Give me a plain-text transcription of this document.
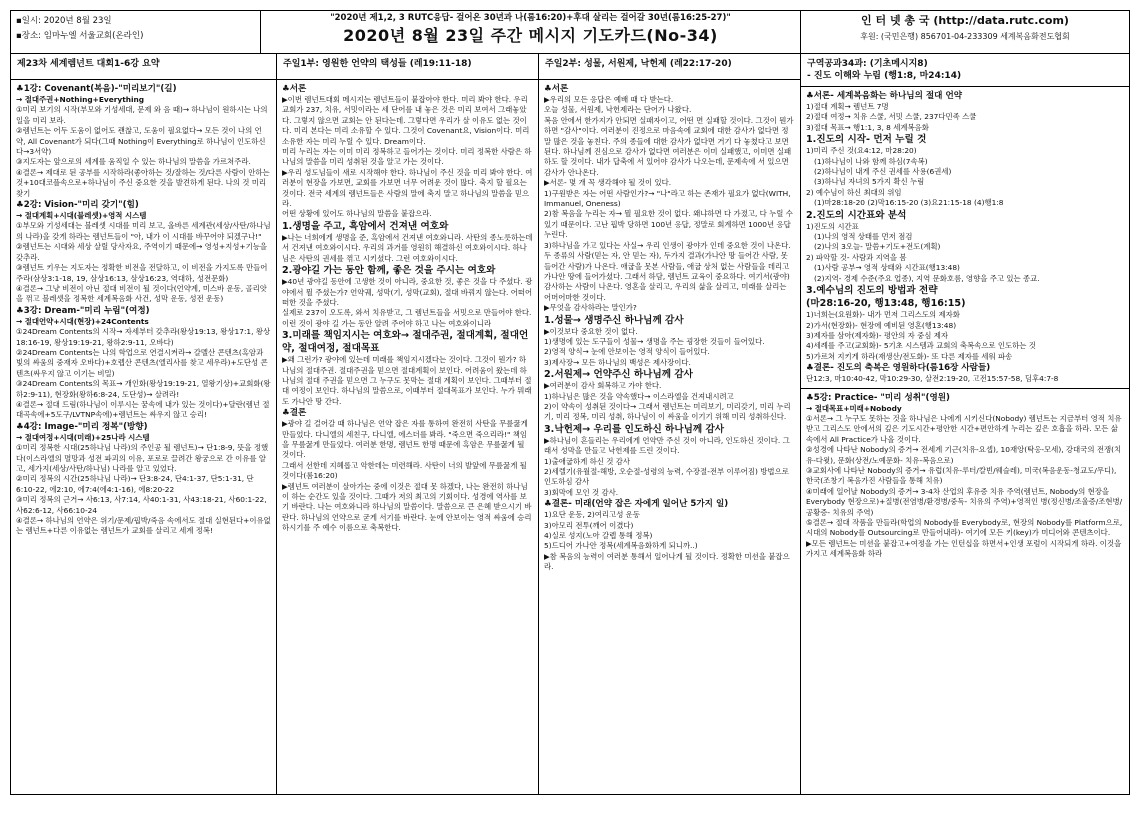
▪일시: 2020년 8월 23일
▪장소: 임마누엘 서울교회(온라인)
"2020년 제1,2, 3 RUTC응답- 걸어온 30년과 나(롬16:20)+후대 살리는 걸어갈 30년(롬16:25-27)"
2020년 8월 23일 주간 메시지 기도카드(No-34)
인 터 넷 총 국 (http://data.rutc.com)
후원: (국민은행) 856701-04-233309 세계복음화전도협회
제23차 세계렘넌트 대회1-6강 요약

♣1강: Covenant(복음)-"미리보기"(길)

→ 절대주권+Nothing+Everything

①미리 보기의 시작(부모와 기성세대, 문제 와 음 때)→ 하나님이 원하시는 나의 일을 미리 보라.

②렘넌트는 어두 도움이 없어도 괜찮고, 도움이 필요없다→ 모든 것이 나의 언약, All Covenant가 되다(그때 Nothing이 Everything로 하나님이 인도하신다→3서약)

③지도자는 앞으로의 세계를 움직일 수 있는 하나님의 말씀을 가르쳐주라.

④결론→ 제대로 된 공부를 시작하라(좋아하는 것/잘하는 것/다른 사람이 안하는 것+10대코플속으로+하나님이 주신 중요한 것을 발견하게 된다. 나의 것 미리 찾기

♣2강: Vision-"미리 갖기"(힘)

→ 절대계획+시대(블레셋)+영적 시스템

①부모와 기성세대는 블레셋 시대를 미리 보고, 올바른 세계관(세상/사탄/하나님의 나라)을 갖게 하라는 렘넌트들이 "아, 내가 이 시대를 바꾸어야 되겠구나!"

②렘넌트는 시대와 세상 살릴 당사자요, 주역이기 때문에→ 영성+지성+기능을 갖추라.

③렘넌트 키우는 지도자는 정확한 비전을 전달하고, 이 비전을 가지도록 만들어주라(삼상3:1-18, 19, 삼상16:13, 삼상16:23, 역대하, 성전문화)

④결론→ 그냥 비전이 아닌 절대 비전이 될 것이다(언약계, 미스바 운동, 골리앗을 꺾고 블레셋을 정복한 세계복음화 사건, 성막 운동, 성전 운동)

♣3강: Dream-"미리 누림"(여정)

→ 절대언약+시대(현장)+24Contents

①24Dream Contents의 시작→ 자세부터 갖추라(왕상19:13, 왕상17:1, 왕상18:16-19, 왕상19:19-21, 왕하2:9-11, 오바다)

②24Dream Contents는 나의 학업으로 연결시켜라→ 갈멜산 콘텐츠(흑암과 빛의 싸움의 중재자 오바다)+호렙산 콘텐츠(엘리사를 찾고 세우라)+도단성 콘텐츠(싸우지 않고 이기는 비밀)

③24Dream Contents의 목표→ 개인화(왕상19:19-21, 열왕기상)+교회화(왕하2:9-11), 현장화(왕하6:8-24, 도단성)→ 살려라!

④결론→ 절대 드림(하나님이 이루시는 꿈속에 내가 있는 것이다)+달란(렘넌 절대곡속에+5도구/LVTNP속에)+렘넌트는 싸우지 않고 승리!

♣4강: Image-"미리 정복"(방향)

→ 절대여정+시대(미래)+25나라 시스템

①미리 정복한 시대(25하나님 나라)의 주인공 될 렘넌트)→ 단1:8-9, 뜻을 정했다(이스라엘의 멸망과 성전 파괴의 이유, 포로로 끌려간 왕궁으로 간 이유를 알고, 세가지(세상/사탄/하나님) 나라를 알고 있었다.

②미리 정복의 시간(25하나님 나라)→ 단3:8-24, 단4:1-37, 단5:1-31, 단6:10-22, 에2:10, 에7:4(에4:1-16), 에8:20-22

③미리 정복의 근거→ 사6:13, 사7:14, 사40:1-31, 사43:18-21, 사60:1-22, 사62:6-12, 사66:10-24

④결론→ 하나님의 언약은 위기/문제/핍박/죽음 속에서도 절대 실현된다+이유없는 렘넌트+다른 이유없는 렘넌트가 교회를 살리고 세계 정복!

주일1부: 영원한 언약의 택성들 (레19:11-18)

♣서론

▶이번 렘넌트대회 메시지는 렘넌트들이 붙잡아야 한다. 미리 봐야 한다. 우리 교회가 237, 치유, 서밋이라는 세 단어를 내 놓은 것은 미리 보여서 그래놓았다. 그렇지 않으면 교회는 안 된다는데. 그렇다면 우리가 살 이유도 없는 것이다. 미리 본다는 미리 소유할 수 있다. 그것이 Covenant요, Vision이다. 미리 소유한 자는 미리 누릴 수 있다. Dream이다.

미리 누리는 자는 이미 미리 정복하고 들어가는 것이다. 미리 정복한 사람은 하나님의 말씀을 미리 성취된 것을 알고 가는 것이다.

▶우리 성도님들이 새로 시작해야 한다. 하나님이 주신 것을 미리 봐야 한다. 여러분이 현장을 가보면, 교회를 가보면 너무 어려운 것이 많다. 축지 할 필요는 것이다. 전국 세계의 렘넌트들은 사람의 말에 축지 말고 하나님의 말씀을 믿으라.

어떤 상황에 있어도 하나님의 말씀을 붙잡으라.

1.생명을 주고, 흑암에서 건져낸 여호와

▶나는 너희에게 생명을 준, 흑암에서 건져낸 여호와니라. 사탄의 종노릇하는데서 건져낸 여호와이시다. 우리의 과거를 영원히 해결하신 여호와이시다. 하나님은 사탄의 권세를 꺾고 시키셨다. 그런 여호와이시다.

2.광야길 가는 동안 함께, 좋은 것을 주시는 여호와

▶40년 광야길 동안에 고생한 것이 아니라, 중요한 것, 좋은 것을 다 주셨다. 광야에서 뭘 주셨는가? 언약궤, 성막(기, 성막(교회), 절대 바꿔지 않는다. 어떠어떠한 것을 주셨다.

실제로 237이 오도록, 와서 치유받고, 그 렘넌트들을 서밋으로 만들어야 한다. 이런 것이 광야 길 가는 동안 알려 주어야 하고 나는 여호와이니라

3.미래를 책임지시는 여호와→ 절대주권, 절대계획, 절대언약, 절대여정, 절대목표

▶왜 그런가? 광야에 있는데 미래를 책임지시겠다는 것이다. 그것이 뭔가? 하나님의 절대주권. 절대주권을 믿으면 절대계획이 보인다. 어려움이 왔는데 하나님의 절대 주권을 믿으면 그 누구도 못막는 절대 계획이 보인다. 그때부터 절대 여정이 보인다. 하나님의 말씀으로, 이때부터 절대목표가 보인다. 누가 뭐래도 가나안 땅 간다.

♣결론

▶광야 길 걸어갈 때 하나님은 언약 잡은 자를 통하여 완전히 사탄을 무릎꿇게 만들었다. 다니엘의 세친구, 다니엘, 에스더를 봐라. "죽으면 죽으리라!" 책임을 무릎꿇게 만들었다. 여러분 한명, 렘넌트 한명 때문에 흑암은 무릎꿇게 될 것이다.

그래서 선한데 지혜롭고 악한데는 미련해라. 사탄이 너의 발앞에 무릎꿇게 될 것이다(롬16:20)

▶렘넌트 여러분이 살아가는 중에 이것은 절대 못 하겠다, 나는 완전히 하나님이 하는 순간도 있을 것이다. 그때가 저의 최고의 기회이다. 성경에 역사를 보기 바란다. 나는 여호와니라 하나님의 말씀이다. 말씀으로 큰 은혜 받으시기 바란다. 하나님의 언약으로 굳게 서기를 바란다. 눈에 안보이는 영적 싸움에 승리하시기를 주 예수 이름으로 축복한다.

주일2부: 성물, 서원제, 낙헌제 (레22:17-20)

♣서론

▶우리의 모든 응답은 예배 때 다 받는다.

오늘 성물, 서원제, 낙헌제라는 단어가 나왔다.

복음 안에서 한가지가 안되면 실패자이고, 어떤 면 실패할 것이다. 그것이 뭔가하면 "감사"이다. 여러분이 진정으로 마음속에 교회에 대한 감사가 없다면 정말 많은 것을 놓친다. 주의 종들에 대한 감사가 없다면 거기 다 놓쳤다고 보면 된다. 하나님께 진심으로 감사가 없다면 여러분은 이미 실패했고, 이미면 실패하도 할 것이다. 내가 답축에 서 있어야 감사가 나오는데, 문제속에 서 있으면 감사가 안나온다.

▶서론- 몇 개 꼭 생각해야 될 것이 있다.

1)구원받은 자는 어떤 사람인가?→ "나"라고 하는 존재가 필요가 없다(WITH, Immanuel, Oneness)

2)참 복음을 누리는 자→ 뭘 필요한 것이 없다. 왜냐하면 다 가졌고, 다 누릴 수 있기 때문이다. 고난 핍박 당하면 100년 응답, 정말로 회계하면 1000년 응답 누린다.

3)하나님을 가고 있다는 사실→ 우리 인생이 광야가 인데 중요한 것이 나온다. 두 종류의 사람(믿는 자, 안 믿는 자), 두가지 결과(가나안 땅 들어간 사람, 못 들어간 사람)가 나온다. 애굽을 못본 사람들, 애굽 상처 없는 사람들을 데리고 가나안 땅에 들어가셨다. 그래서 하담, 렘넌트 교육이 중요하다. 여기서(광야) 감사하는 사람이 나온다. 영혼을 살리고, 우리의 삶을 살리고, 미래를 살리는 어머어마한 것이다.

▶무엇을 감사하라는 말인가?

1.성물→ 생명주신 하나님께 감사

▶이것보다 중요한 것이 없다.

1)생명에 있는 도구들이 성물→ 생명을 주는 굉장한 것들이 들어있다.

2)영적 양식→ 눈에 안보이는 영적 양식이 들어있다.

3)제사장→ 모든 하나님의 백성은 제사장이다.

2.서원제→ 언약주신 하나님께 감사

▶여러분이 감사 회복하고 가야 한다.

1)하나님은 많은 것을 약속했다→ 이스라엘을 건져내시려고

2)이 약속이 성취된 것이다→ 그래서 렘넌트는 미리보기, 미리갖기, 미리 누리기, 미리 정복, 미리 성취, 하나님이 이 싸움을 이기기 위해 미리 성취하신다.

3.낙헌제→ 우리를 인도하신 하나님께 감사

▶하나님이 흔들리는 우리에게 언약만 주신 것이 아니라, 인도하신 것이다. 그래서 성막을 만들고 낙헌제를 드린 것이다.

1)출애굽하게 하신 것 감사

2)세렐기(유월절-해방, 오순절-성령의 능력, 수장절-전부 이루어짐) 방법으로 인도하심 감사

3)회막에 모인 것 감사.

♣결론- 미래(언약 잡은 자에게 일어난 5가지 일)

1)요단 운동, 2)여리고성 운동

3)아모리 전투(깨어 이겼다)

4)실로 성지(노아 갈렙 통해 정복)

5)드디어 가나안 정복(세계복음화하게 되니까..)

▶참 복음의 능력이 여러분 통해서 일어나게 될 것이다. 정확한 미션을 붙잡으라.

구역공과34과: (기초메시지8)
- 진도 이해와 누림 (행1:8, 마24:14)

♣서론- 세계복음화는 하나님의 절대 언약

1)절대 계획→ 렘넌트 7명

2)절대 여정→ 치유 스쿨, 서밋 스쿨, 237다민족 스쿨

3)절대 목표→ 행1:1, 3, 8 세계복음화

1.진도의 시작- 먼저 누릴 것

1)미리 주신 것(요4:12, 마28:20)

(1)하나님이 나와 함께 하심(7속복)

(2)하나님이 내게 주신 권세를 사용(6권세)

(3)하나님 자녀의 5가지 확신 누림

2) 예수님이 하신 최대의 위임

(1)마28:18-20 (2)막16:15-20 (3)요21:15-18 (4)행1:8

2.진도의 시간표와 분석

1)진도의 시간표

(1)나의 영적 상태를 먼저 점검

(2)나의 3오늘- 말씀+기도+전도(계획)

2) 파악할 것- 사람과 지역을 봄

(1)사람 공부→ 영적 상태와 시간표(행13:48)

(2)지역- 경제 수준(주요 업종), 지역 문화호름, 영향을 주고 있는 종교.

3.예수님의 진도의 방법과 전략

(마28:16-20, 행13:48, 행16:15)

1)너희는(요원화)- 내가 먼저 그리스도의 제자화

2)가서(현장화)- 현장에 예비된 영혼(행13:48)

3)제자를 삼아(제자화)- 평안의 자 중심 제자

4)세례를 주고(교회화)- 5기초 시스템과 교회의 축복속으로 인도하는 것

5)가르쳐 지키게 하라(재생산/전도화)- 또 다른 제자를 세워 파송

♣결론- 진도의 축복은 영원하다(롬16장 사람들)

단12:3, 마10:40-42, 막10:29-30, 살전2:19-20, 고전15:57-58, 딤후4:7-8

♣5강: Practice- "미리 성취"(영원)

→ 절대목표+미래+Nobody

①서론→ 그 누구도 못하는 것을 하나님은 나에게 시키신다(Nobody) 렘넌트는 지금부터 영적 치유 받고 그리스도 안에서의 깊은 기도시간+평안한 시간+편안하게 누리는 깊은 호흡을 하라. 모든 삶속에서 All Practice가 나올 것이다.

②성경에 나타난 Nobody의 증거→ 전세계 기근(치유-요셉), 10재앙(탁옹-모세), 강대국의 전쟁(치유-다윗), 문화(상전/노예문화- 치유-복음으로)

③교회사에 나타난 Nobody의 증거→ 유럽(치유-루터/칼빈/웨슬레), 미국(복음운동-청교도/무디), 한국(조창기 복음가진 사람들을 통해 치유)

④미래에 일어날 Nobody의 증거→ 3-4차 산업의 후유증 치유 주역(렘넌트, Nobody의 현장을 Everybody 현장으로)+질병(전염병/환경병/중독- 치유의 주역)+영적인 병(정신병/조울증/조현병/공황증- 치유의 주역)

⑤결론→ 절대 작품을 만들라(학업의 Nobody를 Everybody로, 현장의 Nobody를 Platform으로, 시대의 Nobody를 Outsourcing로 만들어내라)- 여기에 모든 키(key)가 미디어와 콘텐츠이다.

▶모든 렘넌트는 미션을 붙잡고+여정을 가는 인턴십을 하면서+인생 포럼이 시작되게 하라. 이것을 가지고 세계복음화 하라
